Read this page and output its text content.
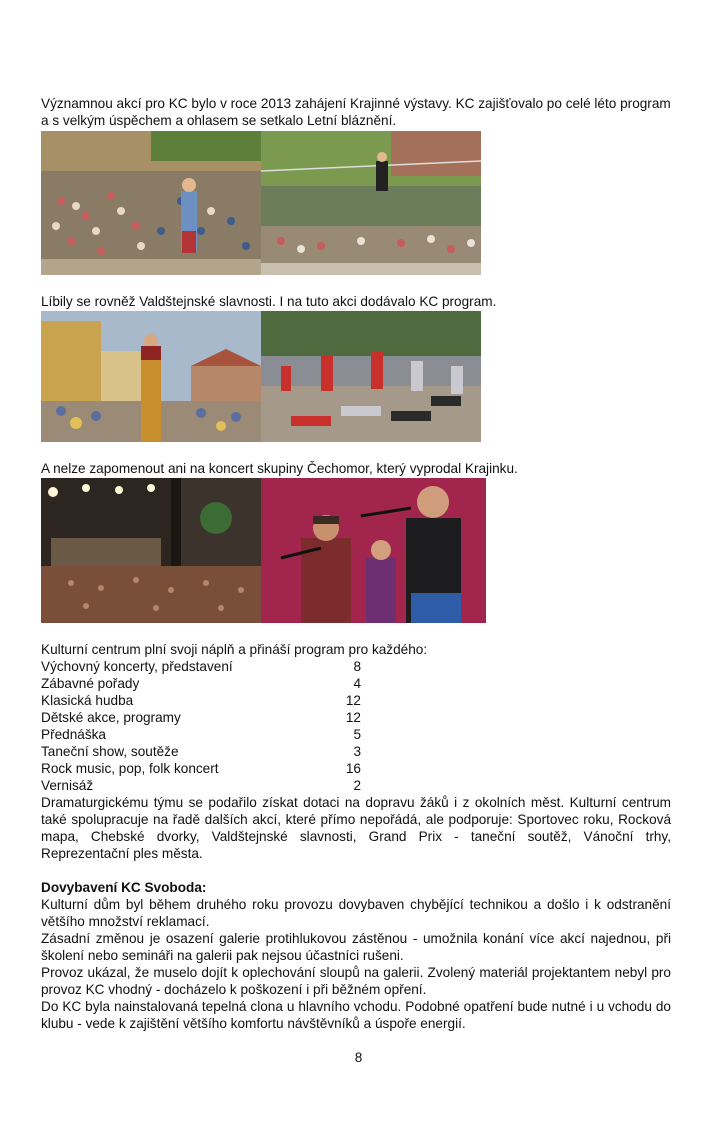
Významnou akcí pro KC bylo v roce 2013 zahájení Krajinné výstavy. KC zajišťovalo po celé léto program a s velkým úspěchem a ohlasem se setkalo Letní bláznění.
Líbily se rovněž Valdštejnské slavnosti. I na tuto akci dodávalo KC program.
A nelze zapomenout ani na koncert skupiny Čechomor, který vyprodal Krajinku.
Kulturní centrum plní svoji náplň a přináší program pro každého:
Výchovný koncerty, představení	8
Zábavné pořady	4
Klasická hudba	12
Dětské akce, programy	12
Přednáška	5
Taneční show, soutěže	3
Rock music, pop, folk koncert	16
Vernisáž	2
Dramaturgickému týmu se podařilo získat dotaci na dopravu žáků i z okolních měst. Kulturní centrum také spolupracuje na řadě dalších akcí, které přímo nepořádá, ale podporuje: Sportovec roku, Rocková mapa, Chebské dvorky, Valdštejnské slavnosti, Grand Prix - taneční soutěž, Vánoční trhy, Reprezentační ples města.
Dovybavení KC Svoboda:
Kulturní dům byl během druhého roku provozu dovybaven chybějící technikou a došlo i k odstranění většího množství reklamací.
Zásadní změnou je osazení galerie protihlukovou zástěnou - umožnila konání více akcí najednou, při školení nebo semináři na galerii pak nejsou účastníci rušeni.
Provoz ukázal, že muselo dojít k oplechování sloupů na galerii. Zvolený materiál projektantem nebyl pro provoz KC vhodný - docházelo k poškození i při běžném opření.
Do KC byla nainstalovaná tepelná clona u hlavního vchodu. Podobné opatření bude nutné i u vchodu do klubu - vede k zajištění většího komfortu návštěvníků a úspoře energií.
8
